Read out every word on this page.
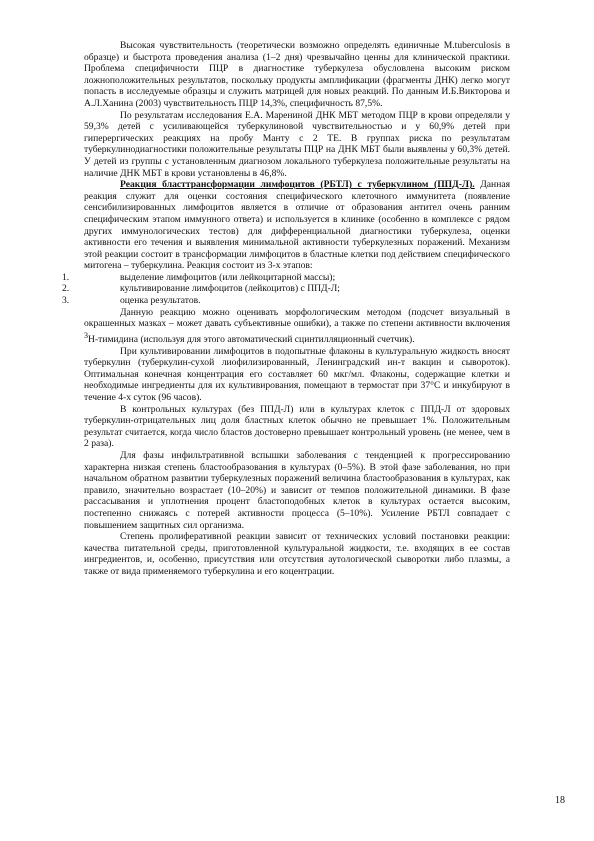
Высокая чувствительность (теоретически возможно определять единичные M.tuberculosis в образце) и быстрота проведения анализа (1–2 дня) чрезвычайно ценны для клинической практики. Проблема специфичности ПЦР в диагностике туберкулеза обусловлена высоким риском ложноположительных результатов, поскольку продукты амплификации (фрагменты ДНК) легко могут попасть в исследуемые образцы и служить матрицей для новых реакций. По данным И.Б.Викторова и А.Л.Ханина (2003) чувствительность ПЦР 14,3%, специфичность 87,5%.

По результатам исследования Е.А. Марениной ДНК МБТ методом ПЦР в крови определяли у 59,3% детей с усиливающейся туберкулиновой чувствительностью и у 60,9% детей при гиперергических реакциях на пробу Манту с 2 ТЕ. В группах риска по результатам туберкулинодиагностики положительные результаты ПЦР на ДНК МБТ были выявлены у 60,3% детей. У детей из группы с установленным диагнозом локального туберкулеза положительные результаты на наличие ДНК МБТ в крови установлены в 46,8%.

Реакция бласттрансформации лимфоцитов (РБТЛ) с туберкулином (ППД-Л). Данная реакция служит для оценки состояния специфического клеточного иммунитета (появление сенсибилизированных лимфоцитов является в отличие от образования антител очень ранним специфическим этапом иммунного ответа) и используется в клинике (особенно в комплексе с рядом других иммунологических тестов) для дифференциальной диагностики туберкулеза, оценки активности его течения и выявления минимальной активности туберкулезных поражений. Механизм этой реакции состоит в трансформации лимфоцитов в бластные клетки под действием специфического митогена – туберкулина. Реакция состоит из 3-х этапов:

1.	выделение лимфоцитов (или лейкоцитарной массы);
2.	культивирование лимфоцитов (лейкоцитов) с ППД-Л;
3.	оценка результатов.

Данную реакцию можно оценивать морфологическим методом (подсчет визуальный в окрашенных мазках – может давать субъективные ошибки), а также по степени активности включения $^3$Н-тимидина (используя для этого автоматический сцинтилляционный счетчик).

При культивировании лимфоцитов в подопытные флаконы в культуральную жидкость вносят туберкулин (туберкулин-сухой лиофилизированный, Ленинградский ин-т вакцин и сывороток). Оптимальная конечная концентрация его составляет 60 мкг/мл. Флаконы, содержащие клетки и необходимые ингредиенты для их культивирования, помещают в термостат при 37°С и инкубируют в течение 4-х суток (96 часов).

В контрольных культурах (без ППД-Л) или в культурах клеток с ППД-Л от здоровых туберкулин-отрицательных лиц доля бластных клеток обычно не превышает 1%. Положительным результат считается, когда число бластов достоверно превышает контрольный уровень (не менее, чем в 2 раза).

Для фазы инфильтративной вспышки заболевания с тенденцией к прогрессированию характерна низкая степень бластообразования в культурах (0–5%). В этой фазе заболевания, но при начальном обратном развитии туберкулезных поражений величина бластообразования в культурах, как правило, значительно возрастает (10–20%) и зависит от темпов положительной динамики. В фазе рассасывания и уплотнения процент бластоподобных клеток в культурах остается высоким, постепенно снижаясь с потерей активности процесса (5–10%). Усиление РБТЛ совпадает с повышением защитных сил организма.

Степень пролиферативной реакции зависит от технических условий постановки реакции: качества питательной среды, приготовленной культуральной жидкости, т.е. входящих в ее состав ингредиентов, и, особенно, присутствия или отсутствия аутологической сыворотки либо плазмы, а также от вида применяемого туберкулина и его коцентрации.

18
